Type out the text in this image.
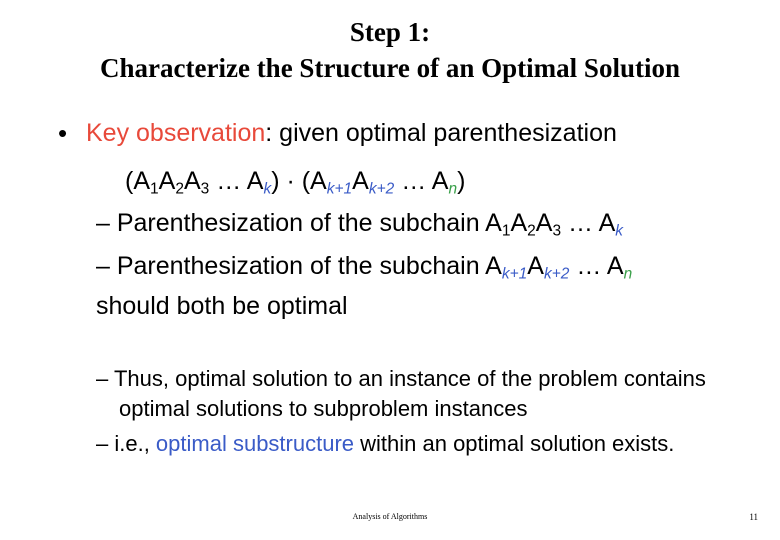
Step 1:
Characterize the Structure of an Optimal Solution
• Key observation: given optimal parenthesization
($A_1A_2A_3$ … $A_k) \cdot (A_{k+1}A_{k+2}$ … $A_n$)
– Parenthesization of the subchain $A_1A_2A_3$ … $A_k$
– Parenthesization of the subchain $A_{k+1}A_{k+2}$ … $A_n$
should both be optimal
– Thus, optimal solution to an instance of the problem contains
optimal solutions to subproblem instances
– i.e., optimal substructure within an optimal solution exists.
Analysis of Algorithms	11
